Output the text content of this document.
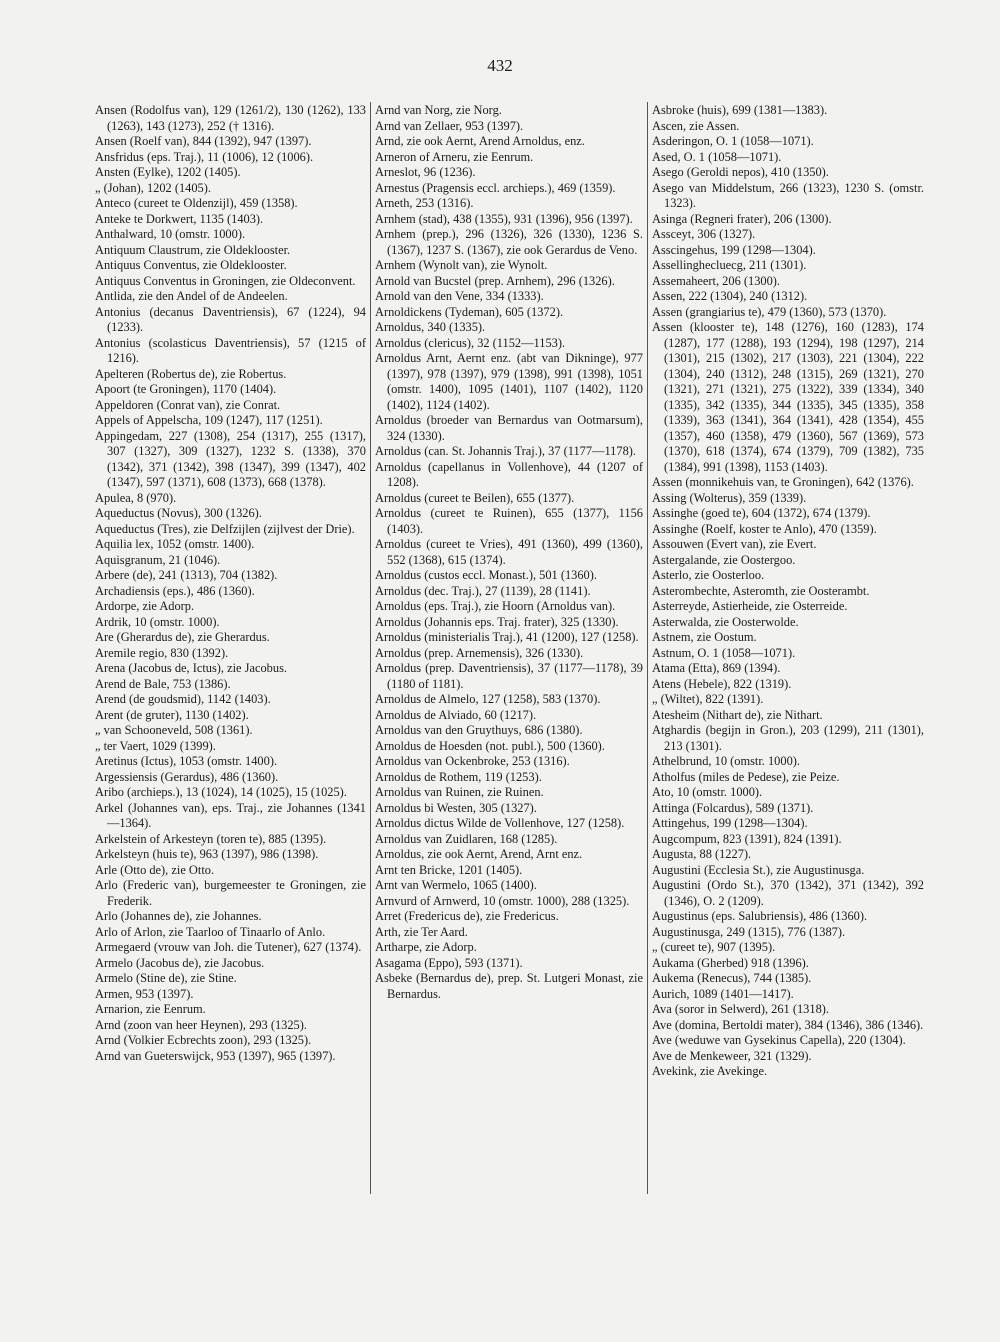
432
Ansen (Rodolfus van), 129 (1261/2), 130 (1262), 133 (1263), 143 (1273), 252 († 1316).
Ansen (Roelf van), 844 (1392), 947 (1397).
Ansfridus (eps. Traj.), 11 (1006), 12 (1006).
Ansten (Eylke), 1202 (1405).
„ (Johan), 1202 (1405).
Anteco (cureet te Oldenzijl), 459 (1358).
Anteke te Dorkwert, 1135 (1403).
Anthalward, 10 (omstr. 1000).
Antiquum Claustrum, zie Oldeklooster.
Antiquus Conventus, zie Oldeklooster.
Antiquus Conventus in Groningen, zie Oldeconvent.
Antlida, zie den Andel of de Andeelen.
Antonius (decanus Daventriensis), 67 (1224), 94 (1233).
Antonius (scolasticus Daventriensis), 57 (1215 of 1216).
Apelteren (Robertus de), zie Robertus.
Apoort (te Groningen), 1170 (1404).
Appeldoren (Conrat van), zie Conrat.
Appels of Appelscha, 109 (1247), 117 (1251).
Appingedam, 227 (1308), 254 (1317), 255 (1317), 307 (1327), 309 (1327), 1232 S. (1338), 370 (1342), 371 (1342), 398 (1347), 399 (1347), 402 (1347), 597 (1371), 608 (1373), 668 (1378).
Apulea, 8 (970).
Aqueductus (Novus), 300 (1326).
Aqueductus (Tres), zie Delfzijlen (zijlvest der Drie).
Aquilia lex, 1052 (omstr. 1400).
Aquisgranum, 21 (1046).
Arbere (de), 241 (1313), 704 (1382).
Archadiensis (eps.), 486 (1360).
Ardorpe, zie Adorp.
Ardrik, 10 (omstr. 1000).
Are (Gherardus de), zie Gherardus.
Aremile regio, 830 (1392).
Arena (Jacobus de, Ictus), zie Jacobus.
Arend de Bale, 753 (1386).
Arend (de goudsmid), 1142 (1403).
Arent (de gruter), 1130 (1402).
„ van Schooneveld, 508 (1361).
„ ter Vaert, 1029 (1399).
Aretinus (Ictus), 1053 (omstr. 1400).
Argessiensis (Gerardus), 486 (1360).
Aribo (archieps.), 13 (1024), 14 (1025), 15 (1025).
Arkel (Johannes van), eps. Traj., zie Johannes (1341—1364).
Arkelstein of Arkesteyn (toren te), 885 (1395).
Arkelsteyn (huis te), 963 (1397), 986 (1398).
Arle (Otto de), zie Otto.
Arlo (Frederic van), burgemeester te Groningen, zie Frederik.
Arlo (Johannes de), zie Johannes.
Arlo of Arlon, zie Taarloo of Tinaarlo of Anlo.
Armegaerd (vrouw van Joh. die Tutener), 627 (1374).
Armelo (Jacobus de), zie Jacobus.
Armelo (Stine de), zie Stine.
Armen, 953 (1397).
Arnarion, zie Eenrum.
Arnd (zoon van heer Heynen), 293 (1325).
Arnd (Volkier Ecbrechts zoon), 293 (1325).
Arnd van Gueterswijck, 953 (1397), 965 (1397).
Arnd van Norg, zie Norg.
Arnd van Zellaer, 953 (1397).
Arnd, zie ook Aernt, Arend Arnoldus, enz.
Arneron of Arneru, zie Eenrum.
Arneslot, 96 (1236).
Arnestus (Pragensis eccl. archieps.), 469 (1359).
Arneth, 253 (1316).
Arnhem (stad), 438 (1355), 931 (1396), 956 (1397).
Arnhem (prep.), 296 (1326), 326 (1330), 1236 S. (1367), 1237 S. (1367), zie ook Gerardus de Veno.
Arnhem (Wynolt van), zie Wynolt.
Arnold van Bucstel (prep. Arnhem), 296 (1326).
Arnold van den Vene, 334 (1333).
Arnoldickens (Tydeman), 605 (1372).
Arnoldus, 340 (1335).
Arnoldus (clericus), 32 (1152—1153).
Arnoldus Arnt, Aernt enz. (abt van Dikninge), 977 (1397), 978 (1397), 979 (1398), 991 (1398), 1051 (omstr. 1400), 1095 (1401), 1107 (1402), 1120 (1402), 1124 (1402).
Arnoldus (broeder van Bernardus van Ootmarsum), 324 (1330).
Arnoldus (can. St. Johannis Traj.), 37 (1177—1178).
Arnoldus (capellanus in Vollenhove), 44 (1207 of 1208).
Arnoldus (cureet te Beilen), 655 (1377).
Arnoldus (cureet te Ruinen), 655 (1377), 1156 (1403).
Arnoldus (cureet te Vries), 491 (1360), 499 (1360), 552 (1368), 615 (1374).
Arnoldus (custos eccl. Monast.), 501 (1360).
Arnoldus (dec. Traj.), 27 (1139), 28 (1141).
Arnoldus (eps. Traj.), zie Hoorn (Arnoldus van).
Arnoldus (Johannis eps. Traj. frater), 325 (1330).
Arnoldus (ministerialis Traj.), 41 (1200), 127 (1258).
Arnoldus (prep. Arnemensis), 326 (1330).
Arnoldus (prep. Daventriensis), 37 (1177—1178), 39 (1180 of 1181).
Arnoldus de Almelo, 127 (1258), 583 (1370).
Arnoldus de Alviado, 60 (1217).
Arnoldus van den Gruythuys, 686 (1380).
Arnoldus de Hoesden (not. publ.), 500 (1360).
Arnoldus van Ockenbroke, 253 (1316).
Arnoldus de Rothem, 119 (1253).
Arnoldus van Ruinen, zie Ruinen.
Arnoldus bi Westen, 305 (1327).
Arnoldus dictus Wilde de Vollenhove, 127 (1258).
Arnoldus van Zuidlaren, 168 (1285).
Arnoldus, zie ook Aernt, Arend, Arnt enz.
Arnt ten Bricke, 1201 (1405).
Arnt van Wermelo, 1065 (1400).
Arnvurd of Arnwerd, 10 (omstr. 1000), 288 (1325).
Arret (Fredericus de), zie Fredericus.
Arth, zie Ter Aard.
Artharpe, zie Adorp.
Asagama (Eppo), 593 (1371).
Asbeke (Bernardus de), prep. St. Lutgeri Monast, zie Bernardus.
Asbroke (huis), 699 (1381—1383).
Ascen, zie Assen.
Asderingon, O. 1 (1058—1071).
Ased, O. 1 (1058—1071).
Asego (Geroldi nepos), 410 (1350).
Asego van Middelstum, 266 (1323), 1230 S. (omstr. 1323).
Asinga (Regneri frater), 206 (1300).
Assceyt, 306 (1327).
Asscingehus, 199 (1298—1304).
Assellinghecluecg, 211 (1301).
Assemaheert, 206 (1300).
Assen, 222 (1304), 240 (1312).
Assen (grangiarius te), 479 (1360), 573 (1370).
Assen (klooster te), 148 (1276), 160 (1283), 174 (1287), 177 (1288), 193 (1294), 198 (1297), 214 (1301), 215 (1302), 217 (1303), 221 (1304), 222 (1304), 240 (1312), 248 (1315), 269 (1321), 270 (1321), 271 (1321), 275 (1322), 339 (1334), 340 (1335), 342 (1335), 344 (1335), 345 (1335), 358 (1339), 363 (1341), 364 (1341), 428 (1354), 455 (1357), 460 (1358), 479 (1360), 567 (1369), 573 (1370), 618 (1374), 674 (1379), 709 (1382), 735 (1384), 991 (1398), 1153 (1403).
Assen (monnikehuis van, te Groningen), 642 (1376).
Assing (Wolterus), 359 (1339).
Assinghe (goed te), 604 (1372), 674 (1379).
Assinghe (Roelf, koster te Anlo), 470 (1359).
Assouwen (Evert van), zie Evert.
Astergalande, zie Oostergoo.
Asterlo, zie Oosterloo.
Asterombechte, Asteromth, zie Oosterambt.
Asterreyde, Astierheide, zie Osterreide.
Asterwalda, zie Oosterwolde.
Astnem, zie Oostum.
Astnum, O. 1 (1058—1071).
Atama (Etta), 869 (1394).
Atens (Hebele), 822 (1319).
„ (Wiltet), 822 (1391).
Atesheim (Nithart de), zie Nithart.
Atghardis (begijn in Gron.), 203 (1299), 211 (1301), 213 (1301).
Athelbrund, 10 (omstr. 1000).
Atholfus (miles de Pedese), zie Peize.
Ato, 10 (omstr. 1000).
Attinga (Folcardus), 589 (1371).
Attingehus, 199 (1298—1304).
Augcompum, 823 (1391), 824 (1391).
Augusta, 88 (1227).
Augustini (Ecclesia St.), zie Augustinusga.
Augustini (Ordo St.), 370 (1342), 371 (1342), 392 (1346), O. 2 (1209).
Augustinus (eps. Salubriensis), 486 (1360).
Augustinusga, 249 (1315), 776 (1387).
„ (cureet te), 907 (1395).
Aukama (Gherbed) 918 (1396).
Aukema (Renecus), 744 (1385).
Aurich, 1089 (1401—1417).
Ava (soror in Selwerd), 261 (1318).
Ave (domina, Bertoldi mater), 384 (1346), 386 (1346).
Ave (weduwe van Gysekinus Capella), 220 (1304).
Ave de Menkeweer, 321 (1329).
Avekink, zie Avekinge.
